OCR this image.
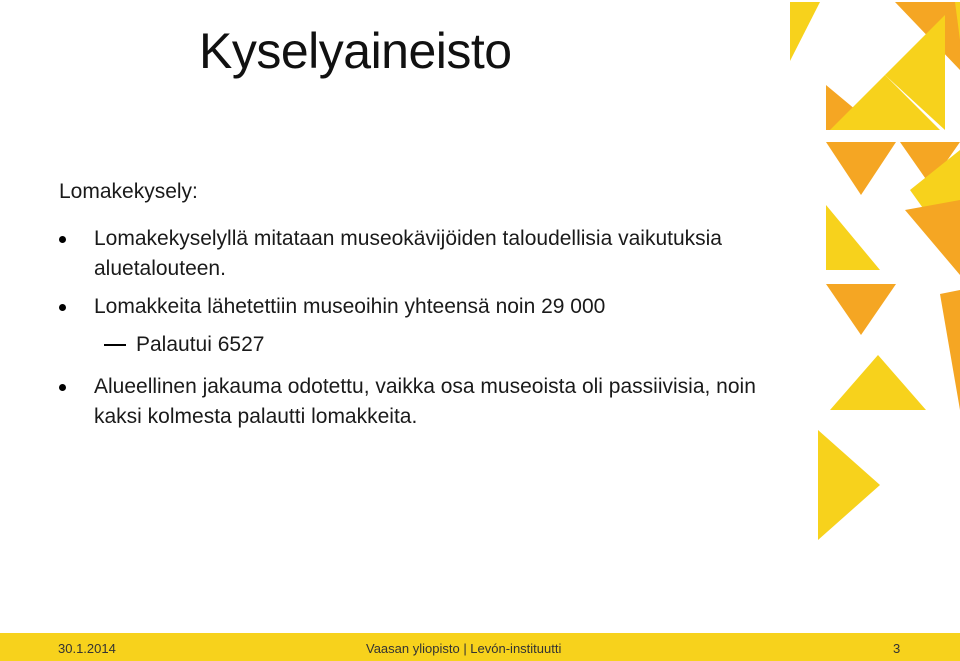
Kyselyaineisto
Lomakekysely:
Lomakekyselyllä mitataan museokävijöiden taloudellisia vaikutuksia aluetalouteen.
Lomakkeita lähetettiin museoihin yhteensä noin 29 000
Palautui 6527
Alueellinen jakauma odotettu, vaikka osa museoista oli passiivisia, noin kaksi kolmesta palautti lomakkeita.
30.1.2014	Vaasan yliopisto | Levón-instituutti	3
